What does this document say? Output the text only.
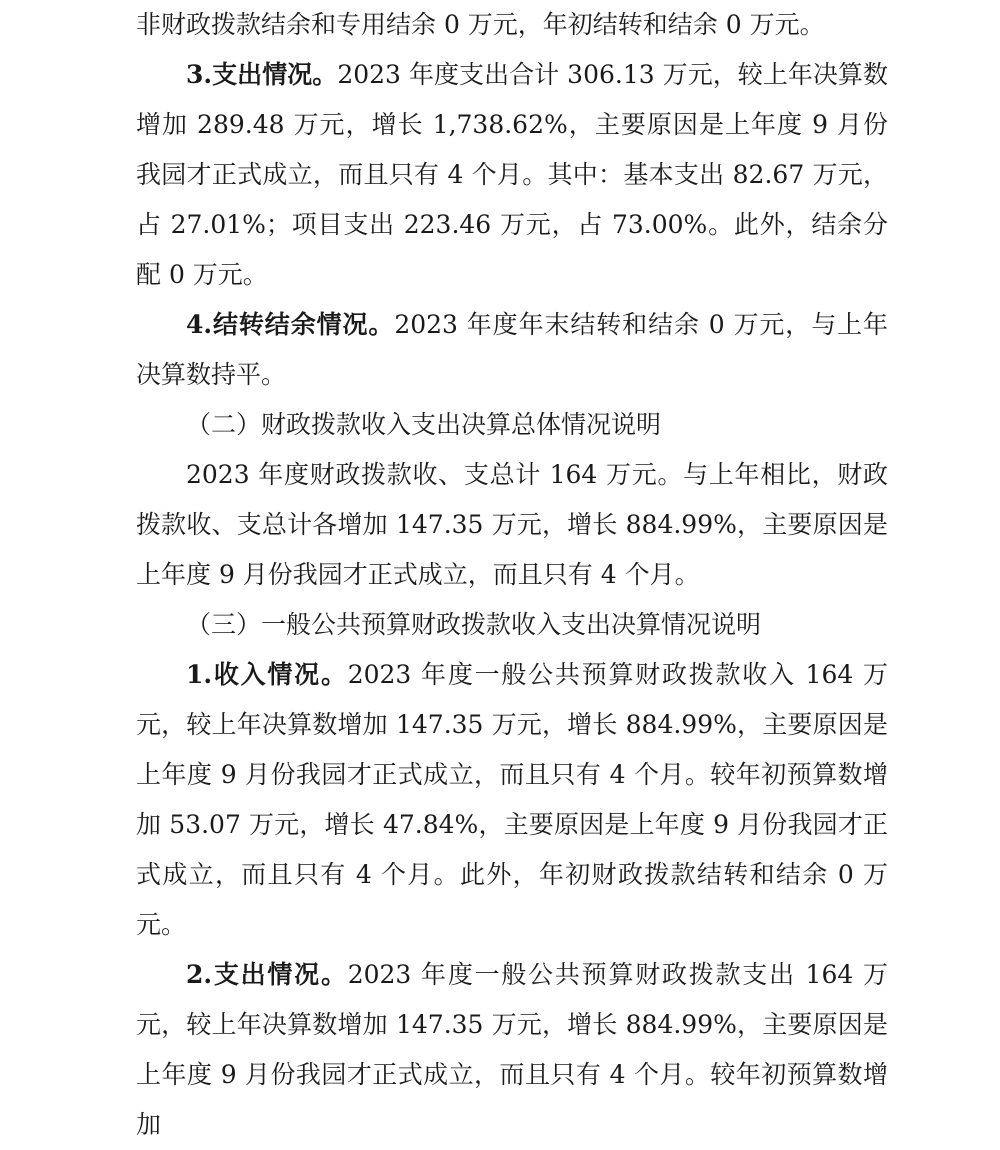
非财政拨款结余和专用结余 0 万元，年初结转和结余 0 万元。

3.支出情况。2023 年度支出合计 306.13 万元，较上年决算数增加 289.48 万元，增长 1,738.62%，主要原因是上年度 9 月份我园才正式成立，而且只有 4 个月。其中：基本支出 82.67 万元，占 27.01%；项目支出 223.46 万元，占 73.00%。此外，结余分配 0 万元。

4.结转结余情况。2023 年度年末结转和结余 0 万元，与上年决算数持平。

（二）财政拨款收入支出决算总体情况说明

2023 年度财政拨款收、支总计 164 万元。与上年相比，财政拨款收、支总计各增加 147.35 万元，增长 884.99%，主要原因是上年度 9 月份我园才正式成立，而且只有 4 个月。

（三）一般公共预算财政拨款收入支出决算情况说明

1.收入情况。2023 年度一般公共预算财政拨款收入 164 万元，较上年决算数增加 147.35 万元，增长 884.99%，主要原因是上年度 9 月份我园才正式成立，而且只有 4 个月。较年初预算数增加 53.07 万元，增长 47.84%，主要原因是上年度 9 月份我园才正式成立，而且只有 4 个月。此外，年初财政拨款结转和结余 0 万元。

2.支出情况。2023 年度一般公共预算财政拨款支出 164 万元，较上年决算数增加 147.35 万元，增长 884.99%，主要原因是上年度 9 月份我园才正式成立，而且只有 4 个月。较年初预算数增加
